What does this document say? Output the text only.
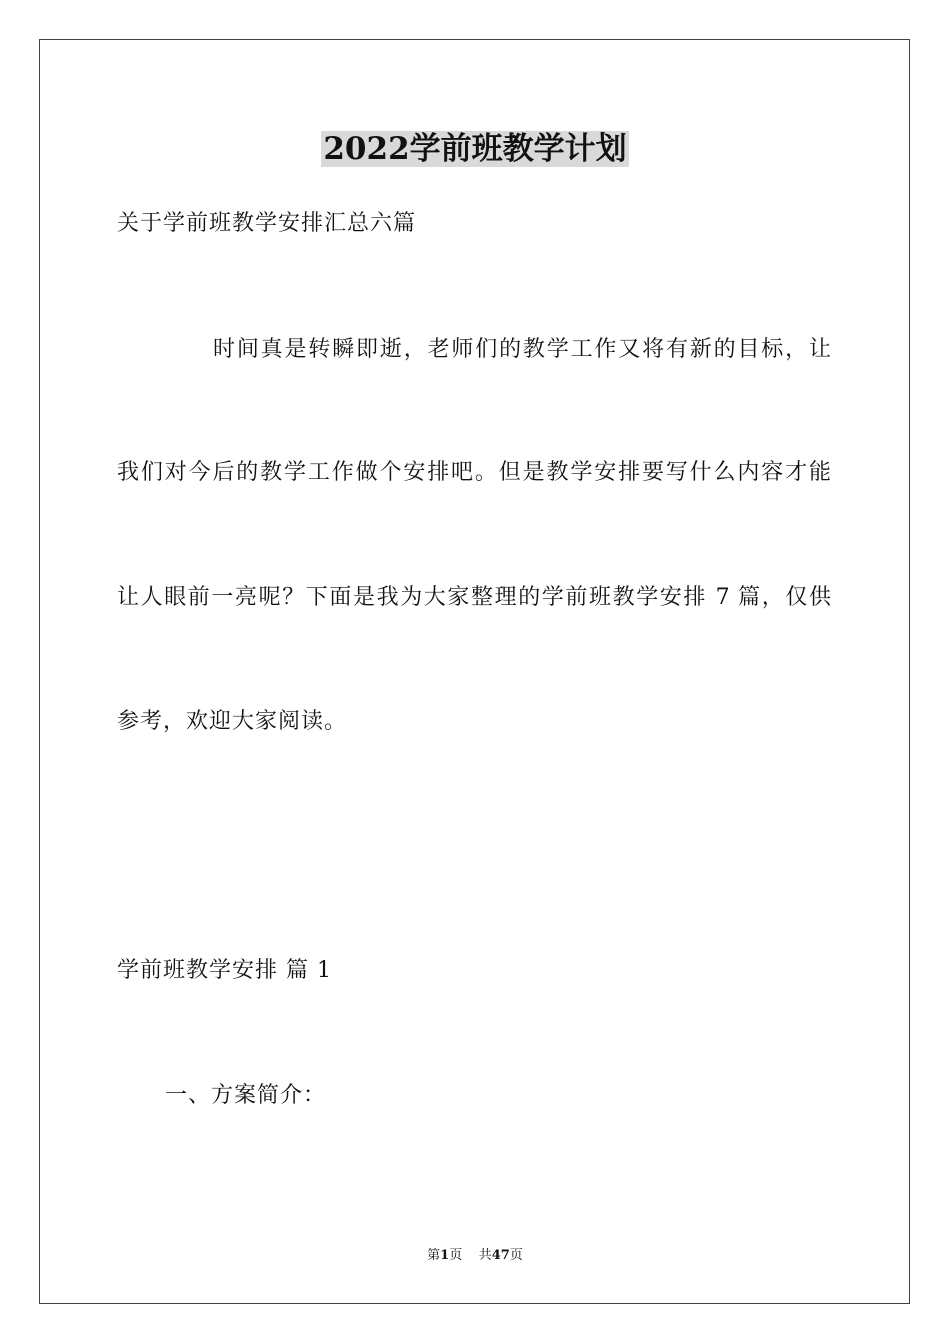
2022学前班教学计划
关于学前班教学安排汇总六篇
时间真是转瞬即逝，老师们的教学工作又将有新的目标，让
我们对今后的教学工作做个安排吧。但是教学安排要写什么内容才能
让人眼前一亮呢？下面是我为大家整理的学前班教学安排 7 篇，仅供
参考，欢迎大家阅读。
学前班教学安排 篇 1
一、方案简介：
第1页 共47页
